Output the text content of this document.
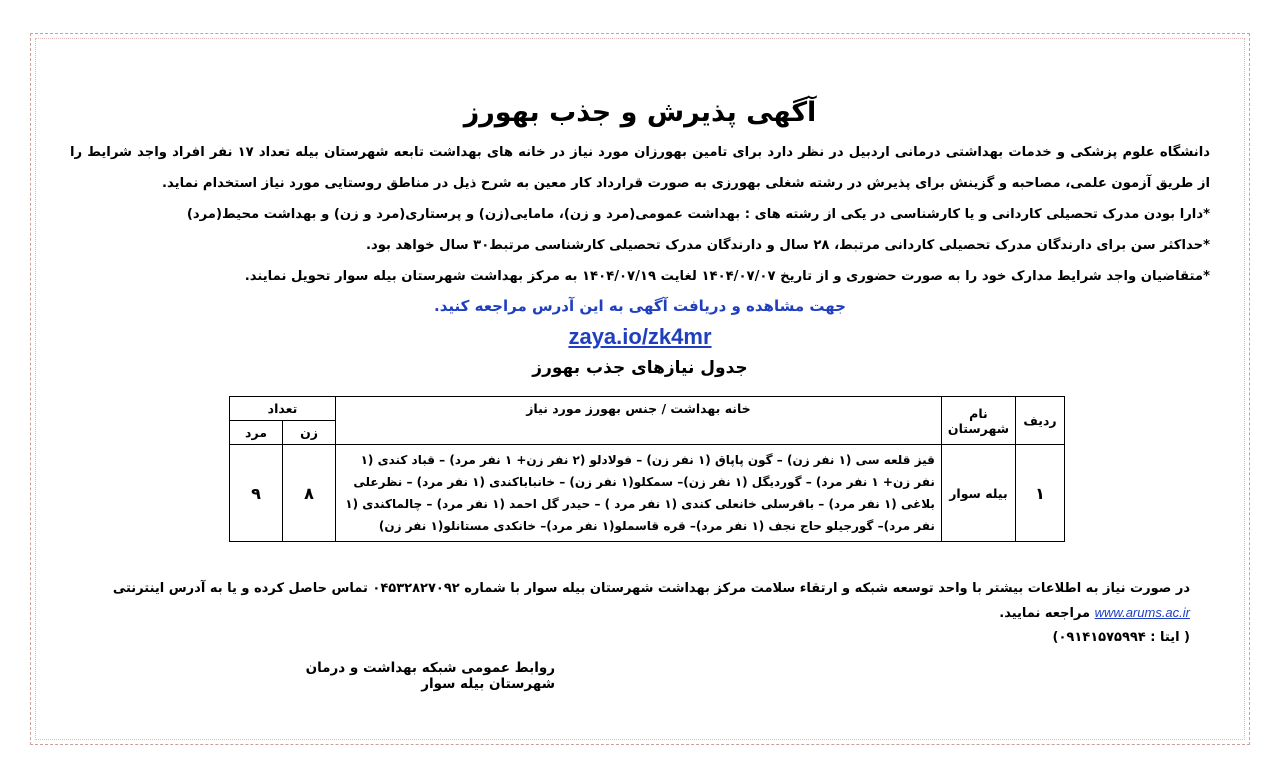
آگهی پذیرش و جذب بهورز

دانشگاه علوم پزشکی و خدمات بهداشتی درمانی اردبیل در نظر دارد برای تامین بهورزان مورد نیاز در خانه های بهداشت تابعه شهرستان بیله تعداد ۱۷ نفر افراد واجد شرایط را از طریق آزمون علمی، مصاحبه و گزینش برای پذیرش در رشته شغلی بهورزی به صورت قرارداد کار معین به شرح ذیل در مناطق روستایی مورد نیاز استخدام نماید.

*دارا بودن مدرک تحصیلی کاردانی و یا کارشناسی در یکی از رشته های : بهداشت عمومی(مرد و زن)، مامایی(زن) و پرستاری(مرد و زن) و بهداشت محیط(مرد)

*حداکثر سن برای دارندگان مدرک تحصیلی کاردانی مرتبط، ۲۸ سال و دارندگان مدرک تحصیلی کارشناسی مرتبط۳۰ سال خواهد بود.

*متقاضیان واجد شرایط مدارک خود را به صورت حضوری و از تاریخ ۱۴۰۴/۰۷/۰۷ لغایت ۱۴۰۴/۰۷/۱۹ به مرکز بهداشت شهرستان بیله سوار تحویل نمایند.

جهت مشاهده و دریافت آگهی به این آدرس مراجعه کنید.

zaya.io/zk4mr

جدول نیازهای جذب بهورز

ردیف	نام شهرستان	خانه بهداشت / جنس بهورز مورد نیاز	تعداد	
			زن	مرد
۱	بیله سوار	قیز قلعه سی (۱ نفر زن) – گون پاپاق (۱ نفر زن) – فولادلو (۲ نفر زن+ ۱ نفر مرد) – قباد کندی (۱ نفر زن+ ۱ نفر مرد) – گوردیگل (۱ نفر زن)– سمکلو(۱ نفر زن) – خانباباکندی (۱ نفر مرد) – نظرعلی بلاغی (۱ نفر مرد) – باقرسلی خانعلی کندی (۱ نفر مرد ) – حیدر گل احمد (۱ نفر مرد) – چالماکندی (۱ نفر مرد)– گورجیلو حاج نجف (۱ نفر مرد)– قره قاسملو(۱ نفر مرد)– خانکدی مستانلو(۱ نفر زن)	۸	۹
در صورت نیاز به اطلاعات بیشتر با واحد توسعه شبکه و ارتقاء سلامت مرکز بهداشت شهرستان بیله سوار با شماره ۰۴۵۳۲۸۲۷۰۹۲ تماس حاصل کرده و یا به آدرس اینترنتی www.arums.ac.ir مراجعه نمایید.
( ایتا : ۰۹۱۴۱۵۷۵۹۹۴)
روابط عمومی شبکه بهداشت و درمان شهرستان بیله سوار
